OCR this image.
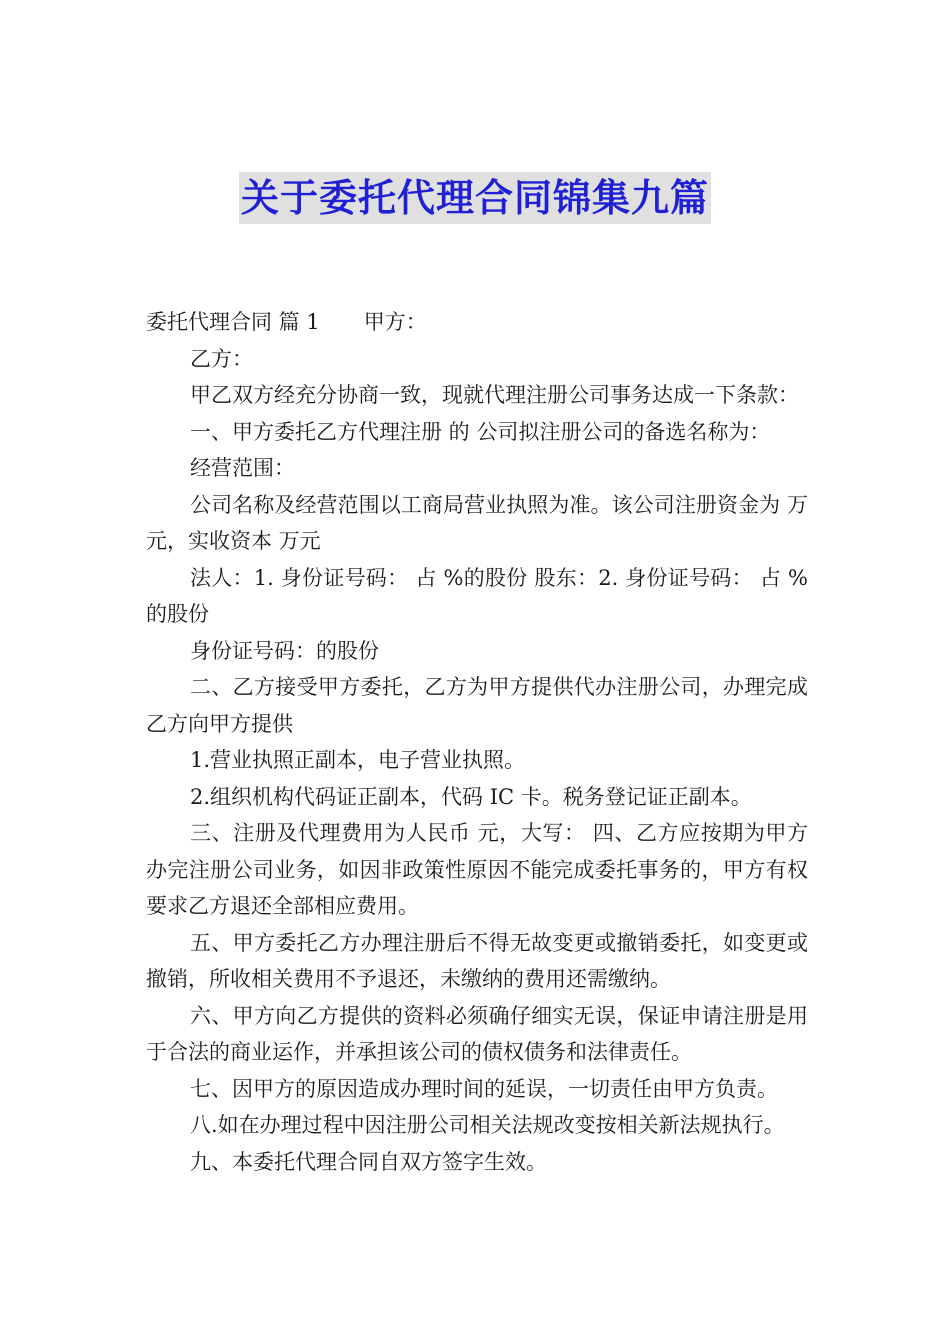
关于委托代理合同锦集九篇

委托代理合同 篇 1 甲方：

乙方：

甲乙双方经充分协商一致，现就代理注册公司事务达成一下条款：

一、甲方委托乙方代理注册 的 公司拟注册公司的备选名称为：

经营范围：

公司名称及经营范围以工商局营业执照为准。该公司注册资金为 万元，实收资本 万元

法人：1. 身份证号码： 占 %的股份 股东：2. 身份证号码： 占 %的股份

身份证号码：的股份

二、乙方接受甲方委托，乙方为甲方提供代办注册公司，办理完成乙方向甲方提供

1.营业执照正副本，电子营业执照。

2.组织机构代码证正副本，代码 IC 卡。税务登记证正副本。

三、注册及代理费用为人民币 元，大写： 四、乙方应按期为甲方办完注册公司业务，如因非政策性原因不能完成委托事务的，甲方有权要求乙方退还全部相应费用。

五、甲方委托乙方办理注册后不得无故变更或撤销委托，如变更或撤销，所收相关费用不予退还，未缴纳的费用还需缴纳。

六、甲方向乙方提供的资料必须确仔细实无误，保证申请注册是用于合法的商业运作，并承担该公司的债权债务和法律责任。

七、因甲方的原因造成办理时间的延误，一切责任由甲方负责。

八.如在办理过程中因注册公司相关法规改变按相关新法规执行。

九、本委托代理合同自双方签字生效。
